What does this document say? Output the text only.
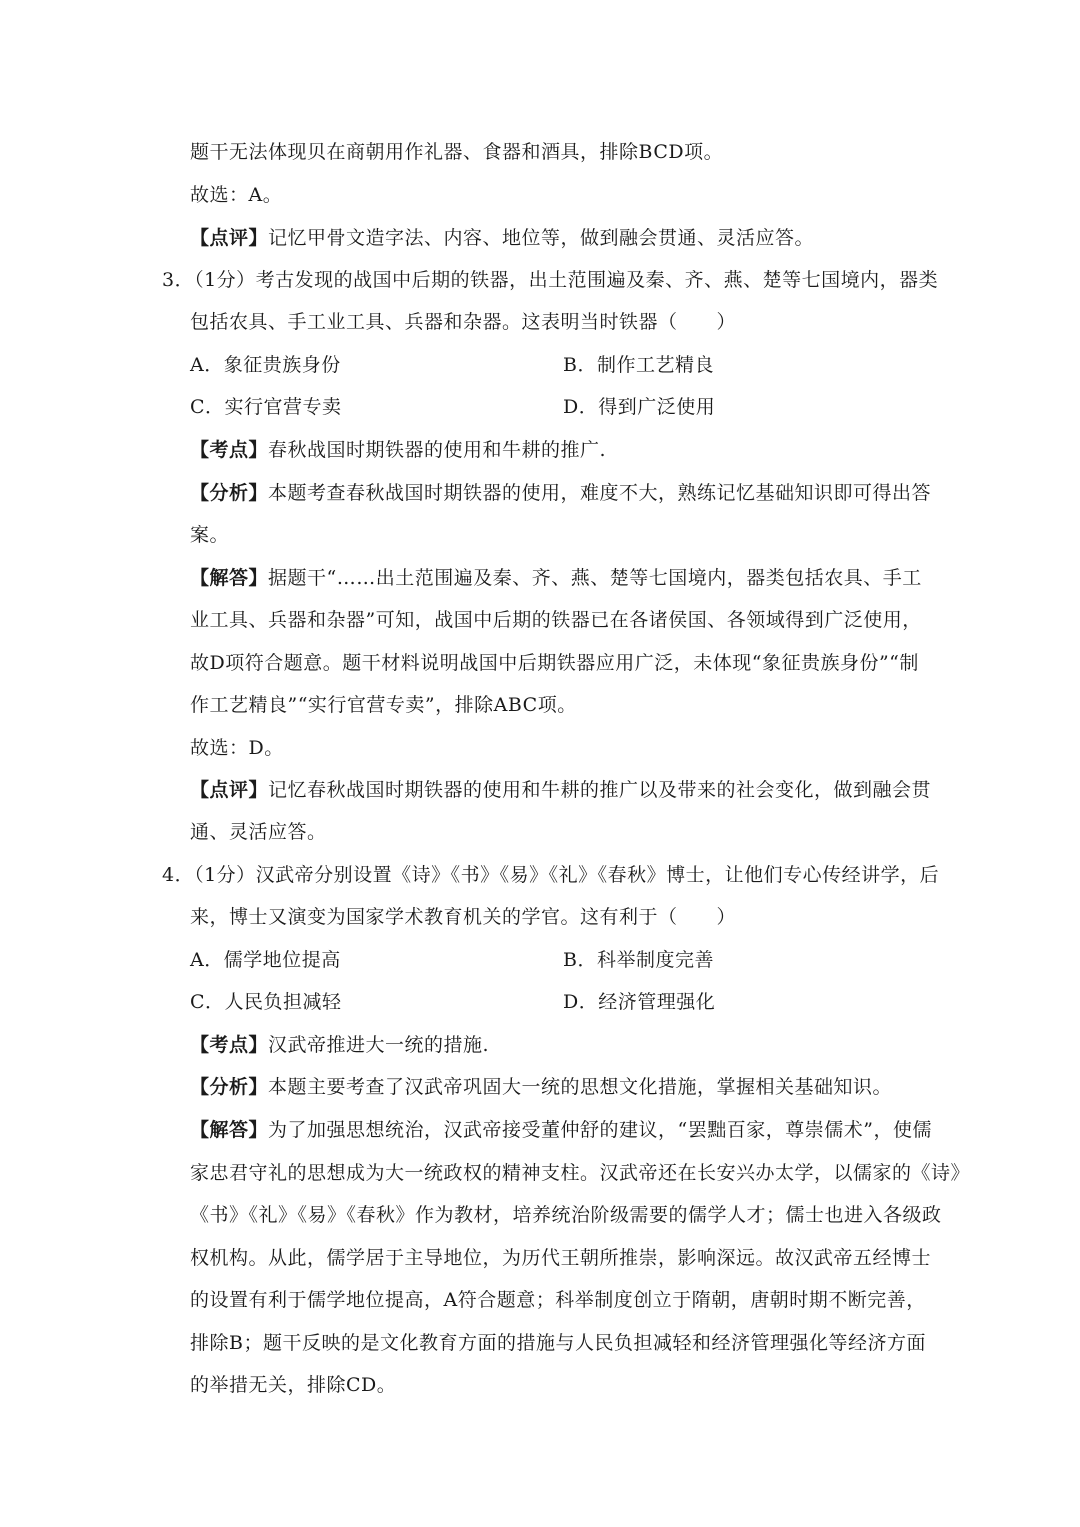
题干无法体现贝在商朝用作礼器、食器和酒具，排除BCD项。
故选：A。
【点评】记忆甲骨文造字法、内容、地位等，做到融会贯通、灵活应答。
3．（1分）考古发现的战国中后期的铁器，出土范围遍及秦、齐、燕、楚等七国境内，器类
包括农具、手工业工具、兵器和杂器。这表明当时铁器（　　）
A．象征贵族身份	B．制作工艺精良
C．实行官营专卖	D．得到广泛使用
【考点】春秋战国时期铁器的使用和牛耕的推广.
【分析】本题考查春秋战国时期铁器的使用，难度不大，熟练记忆基础知识即可得出答
案。
【解答】据题干“……出土范围遍及秦、齐、燕、楚等七国境内，器类包括农具、手工
业工具、兵器和杂器”可知，战国中后期的铁器已在各诸侯国、各领域得到广泛使用，
故D项符合题意。题干材料说明战国中后期铁器应用广泛，未体现“象征贵族身份”“制
作工艺精良”“实行官营专卖”，排除ABC项。
故选：D。
【点评】记忆春秋战国时期铁器的使用和牛耕的推广以及带来的社会变化，做到融会贯
通、灵活应答。
4．（1分）汉武帝分别设置《诗》《书》《易》《礼》《春秋》博士，让他们专心传经讲学，后
来，博士又演变为国家学术教育机关的学官。这有利于（　　）
A．儒学地位提高	B．科举制度完善
C．人民负担减轻	D．经济管理强化
【考点】汉武帝推进大一统的措施.
【分析】本题主要考查了汉武帝巩固大一统的思想文化措施，掌握相关基础知识。
【解答】为了加强思想统治，汉武帝接受董仲舒的建议，“罢黜百家，尊崇儒术”，使儒
家忠君守礼的思想成为大一统政权的精神支柱。汉武帝还在长安兴办太学，以儒家的《诗》
《书》《礼》《易》《春秋》作为教材，培养统治阶级需要的儒学人才；儒士也进入各级政
权机构。从此，儒学居于主导地位，为历代王朝所推崇，影响深远。故汉武帝五经博士
的设置有利于儒学地位提高，A符合题意；科举制度创立于隋朝，唐朝时期不断完善，
排除B；题干反映的是文化教育方面的措施与人民负担减轻和经济管理强化等经济方面
的举措无关，排除CD。
